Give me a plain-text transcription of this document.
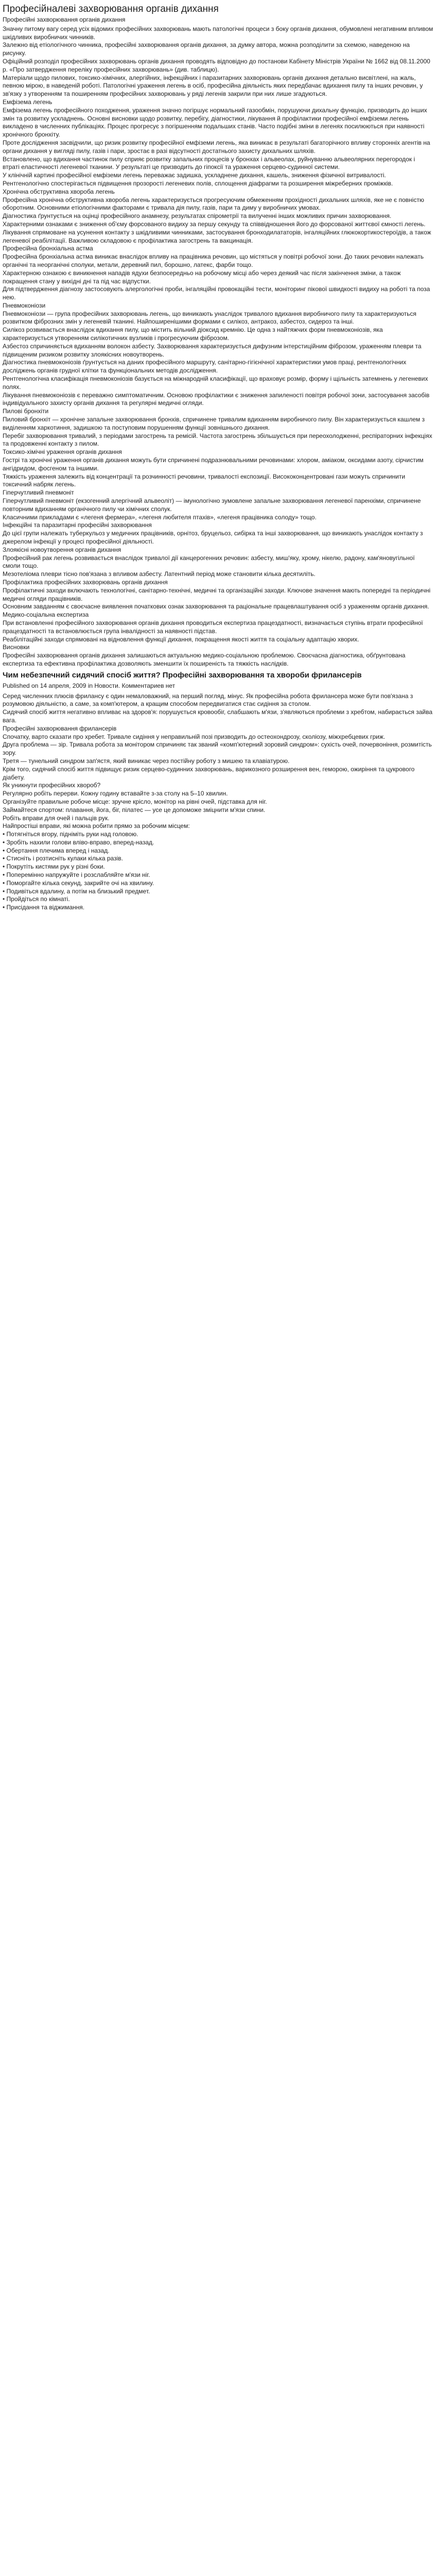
Професійналеві захворювання органів дихання

Професійні захворювання органів дихання

Значну питому вагу серед усіх відомих професійних захворювань мають патологічні процеси з боку органів дихання, обумовлені негативним впливом шкідливих виробничих чинників.

Залежно від етіологічного чинника, професійні захворювання органів дихання, за думку автора, можна розподілити за схемою, наведеною на рисунку.

Офіційний розподіл професійних захворювань органів дихання проводять відповідно до постанови Кабінету Міністрів України № 1662 від 08.11.2000 р. «Про затвердження переліку професійних захворювань» (див. таблицю).

Матеріали щодо пилових, токсико-хімічних, алергійних, інфекційних і паразитарних захворювань органів дихання детально висвітлені, на жаль, певною мірою, в наведеній роботі. Патологічні ураження легень в осіб, професійна діяльність яких передбачає вдихання пилу та інших речовин, у зв'язку з утворенням та поширенням професійних захворювань у ряді легенів закрили при них лише згадуються.

Емфізема легень

Емфізема легень професійного походження, ураження значно погіршує нормальний газообмін, порушуючи дихальну функцію, призводить до інших змін та розвитку ускладнень. Основні висновки щодо розвитку, перебігу, діагностики, лікування й профілактики професійної емфіземи легень викладено в численних публікаціях. Процес прогресує з погіршенням подальших станів. Часто подібні зміни в легенях посилюються при наявності хронічного бронхіту.

Проте дослідження засвідчили, що ризик розвитку професійної емфіземи легень, яка виникає в результаті багаторічного впливу сторонніх агентів на органи дихання у вигляді пилу, газів і пари, зростає в разі відсутності достатнього захисту дихальних шляхів.

Встановлено, що вдихання частинок пилу сприяє розвитку запальних процесів у бронхах і альвеолах, руйнуванню альвеолярних перегородок і втраті еластичності легеневої тканини. У результаті це призводить до гіпоксії та ураження серцево-судинної системи.

У клінічній картині професійної емфіземи легень переважає задишка, ускладнене дихання, кашель, зниження фізичної витривалості. Рентгенологічно спостерігається підвищення прозорості легеневих полів, сплощення діафрагми та розширення міжреберних проміжків.

Хронічна обструктивна хвороба легень

Професійна хронічна обструктивна хвороба легень характеризується прогресуючим обмеженням прохідності дихальних шляхів, яке не є повністю оборотним. Основними етіологічними факторами є тривала дія пилу, газів, пари та диму у виробничих умовах.

Діагностика ґрунтується на оцінці професійного анамнезу, результатах спірометрії та вилученні інших можливих причин захворювання. Характерними ознаками є зниження об'єму форсованого видиху за першу секунду та співвідношення його до форсованої життєвої ємності легень.

Лікування спрямоване на усунення контакту з шкідливими чинниками, застосування бронходилататорів, інгаляційних глюкокортикостероїдів, а також легеневої реабілітації. Важливою складовою є профілактика загострень та вакцинація.

Професійна бронхіальна астма

Професійна бронхіальна астма виникає внаслідок впливу на працівника речовин, що містяться у повітрі робочої зони. До таких речовин належать органічні та неорганічні сполуки, метали, деревний пил, борошно, латекс, фарби тощо.

Характерною ознакою є виникнення нападів ядухи безпосередньо на робочому місці або через деякий час після закінчення зміни, а також покращення стану у вихідні дні та під час відпустки.

Для підтвердження діагнозу застосовують алергологічні проби, інгаляційні провокаційні тести, моніторинг пікової швидкості видиху на роботі та поза нею.

Пневмоконіози

Пневмоконіози — група професійних захворювань легень, що виникають унаслідок тривалого вдихання виробничого пилу та характеризуються розвитком фіброзних змін у легеневій тканині. Найпоширенішими формами є силікоз, антракоз, азбестоз, сидероз та інші.

Силікоз розвивається внаслідок вдихання пилу, що містить вільний діоксид кремнію. Це одна з найтяжчих форм пневмоконіозів, яка характеризується утворенням силікотичних вузликів і прогресуючим фіброзом.

Азбестоз спричиняється вдиханням волокон азбесту. Захворювання характеризується дифузним інтерстиційним фіброзом, ураженням плеври та підвищеним ризиком розвитку злоякісних новоутворень.

Діагностика пневмоконіозів ґрунтується на даних професійного маршруту, санітарно-гігієнічної характеристики умов праці, рентгенологічних досліджень органів грудної клітки та функціональних методів дослідження.

Рентгенологічна класифікація пневмоконіозів базується на міжнародній класифікації, що враховує розмір, форму і щільність затемнень у легеневих полях.

Лікування пневмоконіозів є переважно симптоматичним. Основою профілактики є зниження запиленості повітря робочої зони, застосування засобів індивідуального захисту органів дихання та регулярні медичні огляди.

Пилові бронхіти

Пиловий бронхіт — хронічне запальне захворювання бронхів, спричинене тривалим вдиханням виробничого пилу. Він характеризується кашлем з виділенням харкотиння, задишкою та поступовим порушенням функції зовнішнього дихання.

Перебіг захворювання тривалий, з періодами загострень та ремісій. Частота загострень збільшується при переохолодженні, респіраторних інфекціях та продовженні контакту з пилом.

Токсико-хімічні ураження органів дихання

Гострі та хронічні ураження органів дихання можуть бути спричинені подразнювальними речовинами: хлором, аміаком, оксидами азоту, сірчистим ангідридом, фосгеном та іншими.

Тяжкість ураження залежить від концентрації та розчинності речовини, тривалості експозиції. Висококонцентровані гази можуть спричинити токсичний набряк легень.

Гіперчутливий пневмоніт

Гіперчутливий пневмоніт (екзогенний алергічний альвеоліт) — імунологічно зумовлене запальне захворювання легеневої паренхіми, спричинене повторним вдиханням органічного пилу чи хімічних сполук.

Класичними прикладами є «легеня фермера», «легеня любителя птахів», «легеня працівника солоду» тощо.

Інфекційні та паразитарні професійні захворювання

До цієї групи належать туберкульоз у медичних працівників, орнітоз, бруцельоз, сибірка та інші захворювання, що виникають унаслідок контакту з джерелом інфекції у процесі професійної діяльності.

Злоякісні новоутворення органів дихання

Професійний рак легень розвивається внаслідок тривалої дії канцерогенних речовин: азбесту, миш'яку, хрому, нікелю, радону, кам'яновугільної смоли тощо.

Мезотеліома плеври тісно пов'язана з впливом азбесту. Латентний період може становити кілька десятиліть.

Профілактика професійних захворювань органів дихання

Профілактичні заходи включають технологічні, санітарно-технічні, медичні та організаційні заходи. Ключове значення мають попередні та періодичні медичні огляди працівників.

Основним завданням є своєчасне виявлення початкових ознак захворювання та раціональне працевлаштування осіб з ураженням органів дихання.

Медико-соціальна експертиза

При встановленні професійного захворювання органів дихання проводиться експертиза працездатності, визначається ступінь втрати професійної працездатності та встановлюється група інвалідності за наявності підстав.

Реабілітаційні заходи спрямовані на відновлення функції дихання, покращення якості життя та соціальну адаптацію хворих.

Висновки

Професійні захворювання органів дихання залишаються актуальною медико-соціальною проблемою. Своєчасна діагностика, обґрунтована експертиза та ефективна профілактика дозволяють зменшити їх поширеність та тяжкість наслідків.

Чим небезпечний сидячий спосіб життя? Професійні захворювання та хвороби фрилансерів

Published on 14 апреля, 2009 in Новости. Комментариев нет

Серед численних плюсів фрилансу є один немаловажний, на перший погляд, мінус. Як професійна робота фрилансера може бути пов'язана з розумовою діяльністю, а саме, за комп'ютером, а кращим способом передвигатися стає сидіння за столом.

Сидячий спосіб життя негативно впливає на здоров'я: порушується кровообіг, слабшають м'язи, з'являються проблеми з хребтом, набирається зайва вага.

Професійні захворювання фрилансерів

Спочатку, варто сказати про хребет. Тривале сидіння у неправильній позі призводить до остеохондрозу, сколіозу, міжхребцевих гриж.

Друга проблема — зір. Тривала робота за монітором спричиняє так званий «комп'ютерний зоровий синдром»: сухість очей, почервоніння, розмитість зору.

Третя — тунельний синдром зап'ястя, який виникає через постійну роботу з мишею та клавіатурою.

Крім того, сидячий спосіб життя підвищує ризик серцево-судинних захворювань, варикозного розширення вен, геморою, ожиріння та цукрового діабету.

Як уникнути професійних хвороб?

Регулярно робіть перерви. Кожну годину вставайте з-за столу на 5–10 хвилин.

Організуйте правильне робоче місце: зручне крісло, монітор на рівні очей, підставка для ніг.

Займайтеся спортом: плавання, йога, біг, пілатес — усе це допоможе зміцнити м'язи спини.

Робіть вправи для очей і пальців рук.

Найпростіші вправи, які можна робити прямо за робочим місцем:

• Потягніться вгору, підніміть руки над головою.
• Зробіть нахили голови вліво-вправо, вперед-назад.
• Обертання плечима вперед і назад.
• Стисніть і розтисніть кулаки кілька разів.
• Покрутіть кистями рук у різні боки.
• Поперемінно напружуйте і розслабляйте м'язи ніг.
• Поморгайте кілька секунд, закрийте очі на хвилину.
• Подивіться вдалину, а потім на близький предмет.
• Пройдіться по кімнаті.
• Присідання та віджимання.
